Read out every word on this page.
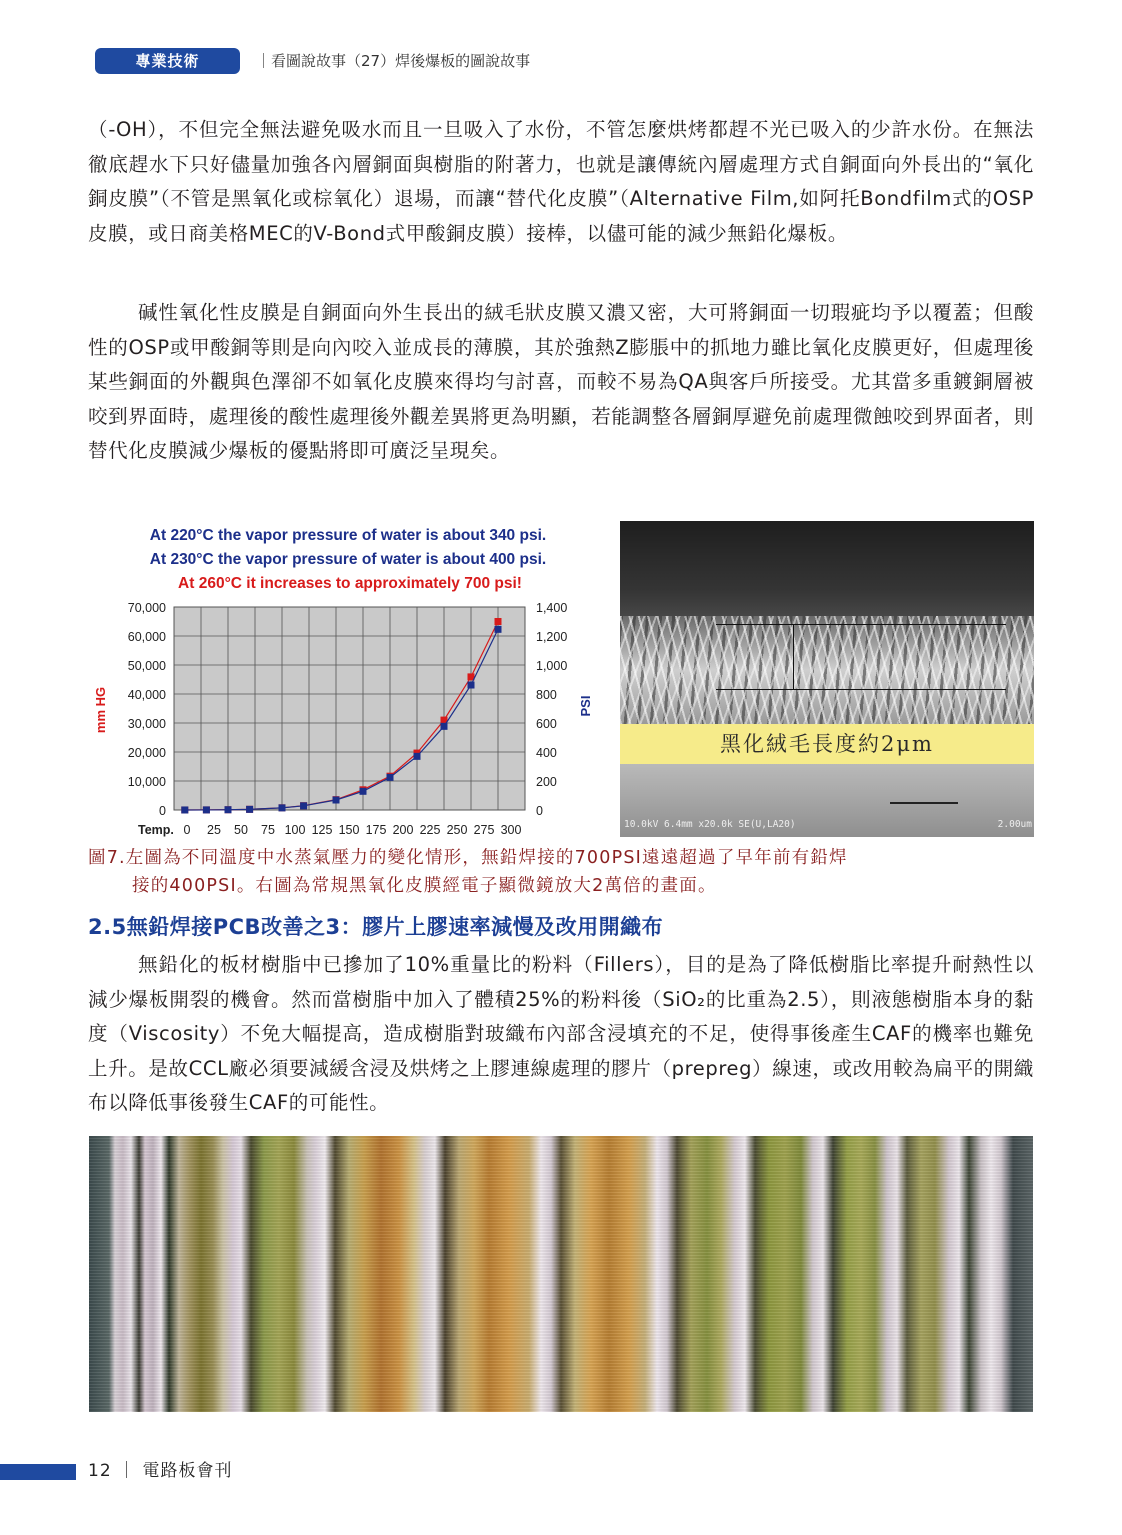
專業技術	｜看圖說故事（27）焊後爆板的圖說故事

（-OH），不但完全無法避免吸水而且一旦吸入了水份，不管怎麼烘烤都趕不光已吸入的少許水份。在無法徹底趕水下只好儘量加強各內層銅面與樹脂的附著力，也就是讓傳統內層處理方式自銅面向外長出的“氧化銅皮膜”（不管是黑氧化或棕氧化）退場，而讓“替代化皮膜”（Alternative Film,如阿托Bondfilm式的OSP皮膜，或日商美格MEC的V-Bond式甲酸銅皮膜）接棒，以儘可能的減少無鉛化爆板。

碱性氧化性皮膜是自銅面向外生長出的絨毛狀皮膜又濃又密，大可將銅面一切瑕疵均予以覆蓋；但酸性的OSP或甲酸銅等則是向內咬入並成長的薄膜，其於強熱Z膨脹中的抓地力雖比氧化皮膜更好，但處理後某些銅面的外觀與色澤卻不如氧化皮膜來得均勻討喜，而較不易為QA與客戶所接受。尤其當多重鍍銅層被咬到界面時，處理後的酸性處理後外觀差異將更為明顯，若能調整各層銅厚避免前處理微蝕咬到界面者，則替代化皮膜減少爆板的優點將即可廣泛呈現矣。

At 220°C the vapor pressure of water is about 340 psi.
At 230°C the vapor pressure of water is about 400 psi.
At 260°C it increases to approximately 700 psi!
0
10,000
20,000
30,000
40,000
50,000
60,000
70,000
0
200
400
600
800
1,000
1,200
1,400
0 25 50 75 100 125 150 175 200 225 250 275 300
mm HG	PSI
Temp.
黑化絨毛長度約2μm
10.0kV 6.4mm x20.0k SE(U,LA20)	2.00um
圖7.左圖為不同溫度中水蒸氣壓力的變化情形，無鉛焊接的700PSI遠遠超過了早年前有鉛焊
接的400PSI。右圖為常規黑氧化皮膜經電子顯微鏡放大2萬倍的畫面。
2.5無鉛焊接PCB改善之3：膠片上膠速率減慢及改用開織布

無鉛化的板材樹脂中已摻加了10%重量比的粉料（Fillers），目的是為了降低樹脂比率提升耐熱性以減少爆板開裂的機會。然而當樹脂中加入了體積25%的粉料後（SiO₂的比重為2.5），則液態樹脂本身的黏度（Viscosity）不免大幅提高，造成樹脂對玻織布內部含浸填充的不足，使得事後產生CAF的機率也難免上升。是故CCL廠必須要減緩含浸及烘烤之上膠連線處理的膠片（prepreg）線速，或改用較為扁平的開織布以降低事後發生CAF的可能性。

12 ｜ 電路板會刊
